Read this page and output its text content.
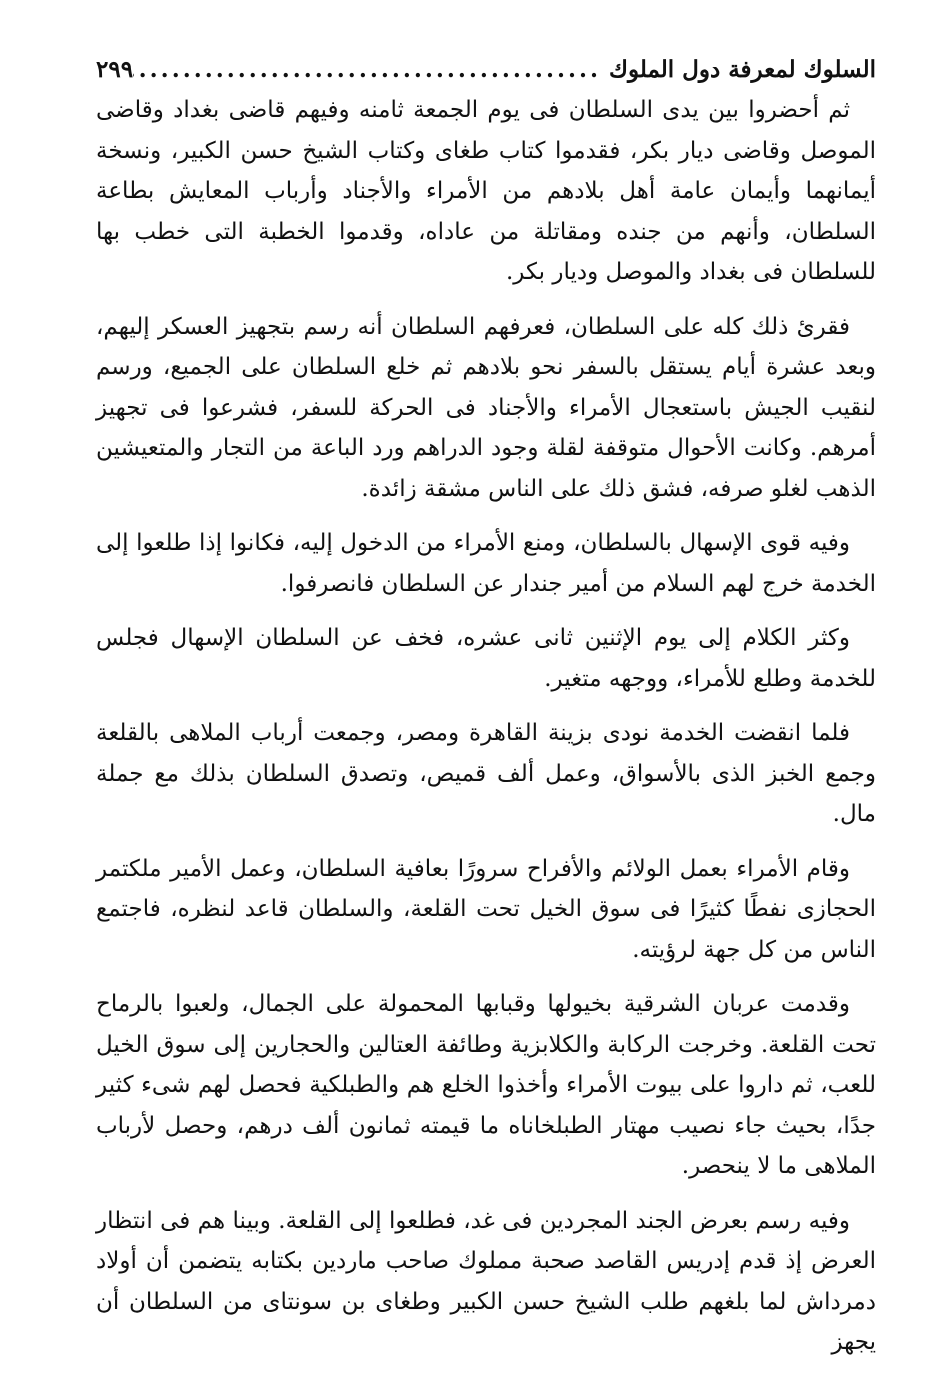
السلوك لمعرفة دول الملوك
.....
٢٩٩

ثم أحضروا بين يدى السلطان فى يوم الجمعة ثامنه وفيهم قاضى بغداد وقاضى الموصل وقاضى ديار بكر، فقدموا كتاب طغاى وكتاب الشيخ حسن الكبير، ونسخة أيمانهما وأيمان عامة أهل بلادهم من الأمراء والأجناد وأرباب المعايش بطاعة السلطان، وأنهم من جنده ومقاتلة من عاداه، وقدموا الخطبة التى خطب بها للسلطان فى بغداد والموصل وديار بكر.

فقرئ ذلك كله على السلطان، فعرفهم السلطان أنه رسم بتجهيز العسكر إليهم، وبعد عشرة أيام يستقل بالسفر نحو بلادهم ثم خلع السلطان على الجميع، ورسم لنقيب الجيش باستعجال الأمراء والأجناد فى الحركة للسفر، فشرعوا فى تجهيز أمرهم. وكانت الأحوال متوقفة لقلة وجود الدراهم ورد الباعة من التجار والمتعيشين الذهب لغلو صرفه، فشق ذلك على الناس مشقة زائدة.

وفيه قوى الإسهال بالسلطان، ومنع الأمراء من الدخول إليه، فكانوا إذا طلعوا إلى الخدمة خرج لهم السلام من أمير جندار عن السلطان فانصرفوا.

وكثر الكلام إلى يوم الإثنين ثانى عشره، فخف عن السلطان الإسهال فجلس للخدمة وطلع للأمراء، ووجهه متغير.

فلما انقضت الخدمة نودى بزينة القاهرة ومصر، وجمعت أرباب الملاهى بالقلعة وجمع الخبز الذى بالأسواق، وعمل ألف قميص، وتصدق السلطان بذلك مع جملة مال.

وقام الأمراء بعمل الولائم والأفراح سرورًا بعافية السلطان، وعمل الأمير ملكتمر الحجازى نفطًا كثيرًا فى سوق الخيل تحت القلعة، والسلطان قاعد لنظره، فاجتمع الناس من كل جهة لرؤيته.

وقدمت عربان الشرقية بخيولها وقبابها المحمولة على الجمال، ولعبوا بالرماح تحت القلعة. وخرجت الركابة والكلابزية وطائفة العتالين والحجارين إلى سوق الخيل للعب، ثم داروا على بيوت الأمراء وأخذوا الخلع هم والطبلكية فحصل لهم شىء كثير جدًا، بحيث جاء نصيب مهتار الطبلخاناه ما قيمته ثمانون ألف درهم، وحصل لأرباب الملاهى ما لا ينحصر.

وفيه رسم بعرض الجند المجردين فى غد، فطلعوا إلى القلعة. وبينا هم فى انتظار العرض إذ قدم إدريس القاصد صحبة مملوك صاحب ماردين بكتابه يتضمن أن أولاد دمرداش لما بلغهم طلب الشيخ حسن الكبير وطغاى بن سونتاى من السلطان أن يجهز
